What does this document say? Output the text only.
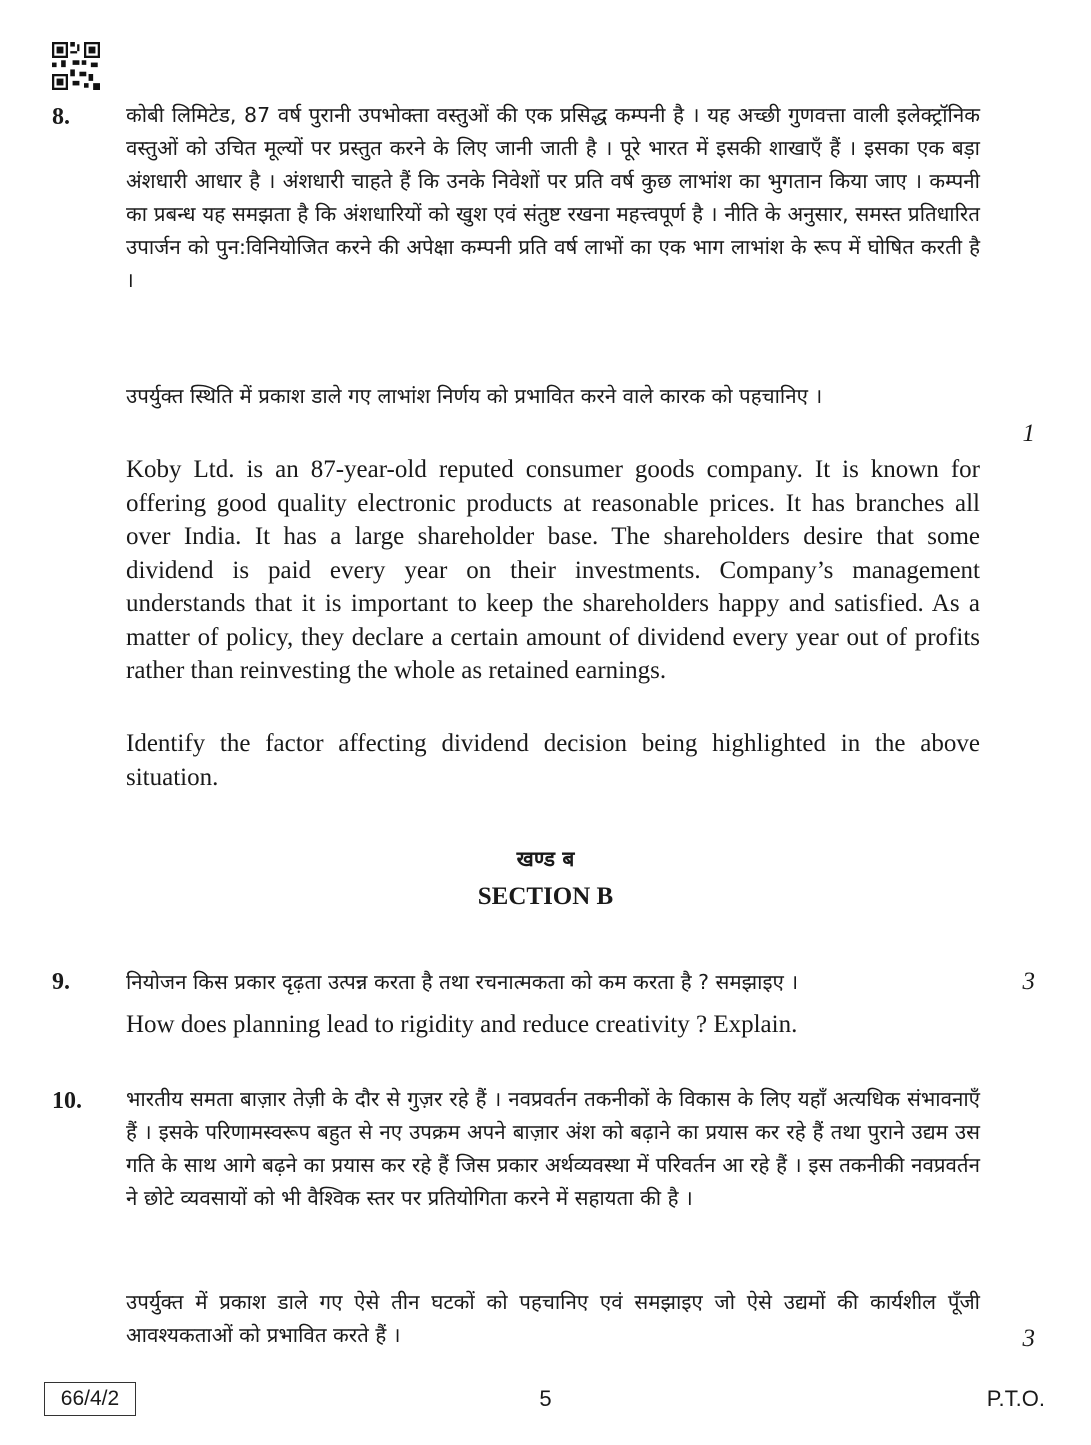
8.	कोबी लिमिटेड, 87 वर्ष पुरानी उपभोक्ता वस्तुओं की एक प्रसिद्ध कम्पनी है । यह अच्छी गुणवत्ता वाली इलेक्ट्रॉनिक वस्तुओं को उचित मूल्यों पर प्रस्तुत करने के लिए जानी जाती है । पूरे भारत में इसकी शाखाएँ हैं । इसका एक बड़ा अंशधारी आधार है । अंशधारी चाहते हैं कि उनके निवेशों पर प्रति वर्ष कुछ लाभांश का भुगतान किया जाए । कम्पनी का प्रबन्ध यह समझता है कि अंशधारियों को खुश एवं संतुष्ट रखना महत्त्वपूर्ण है । नीति के अनुसार, समस्त प्रतिधारित उपार्जन को पुन:विनियोजित करने की अपेक्षा कम्पनी प्रति वर्ष लाभों का एक भाग लाभांश के रूप में घोषित करती है ।

उपर्युक्त स्थिति में प्रकाश डाले गए लाभांश निर्णय को प्रभावित करने वाले कारक को पहचानिए ।

1

Koby Ltd. is an 87-year-old reputed consumer goods company. It is known for offering good quality electronic products at reasonable prices. It has branches all over India. It has a large shareholder base. The shareholders desire that some dividend is paid every year on their investments. Company’s management understands that it is important to keep the shareholders happy and satisfied. As a matter of policy, they declare a certain amount of dividend every year out of profits rather than reinvesting the whole as retained earnings.

Identify the factor affecting dividend decision being highlighted in the above situation.

खण्ड ब
SECTION B
9.	नियोजन किस प्रकार दृढ़ता उत्पन्न करता है तथा रचनात्मकता को कम करता है ? समझाइए ।	3

How does planning lead to rigidity and reduce creativity ? Explain.

10. भारतीय समता बाज़ार तेज़ी के दौर से गुज़र रहे हैं । नवप्रवर्तन तकनीकों के विकास के लिए यहाँ अत्यधिक संभावनाएँ हैं । इसके परिणामस्वरूप बहुत से नए उपक्रम अपने बाज़ार अंश को बढ़ाने का प्रयास कर रहे हैं तथा पुराने उद्यम उस गति के साथ आगे बढ़ने का प्रयास कर रहे हैं जिस प्रकार अर्थव्यवस्था में परिवर्तन आ रहे हैं । इस तकनीकी नवप्रवर्तन ने छोटे व्यवसायों को भी वैश्विक स्तर पर प्रतियोगिता करने में सहायता की है ।

उपर्युक्त में प्रकाश डाले गए ऐसे तीन घटकों को पहचानिए एवं समझाइए जो ऐसे उद्यमों की कार्यशील पूँजी आवश्यकताओं को प्रभावित करते हैं ।	3
66/4/2	5	P.T.O.
